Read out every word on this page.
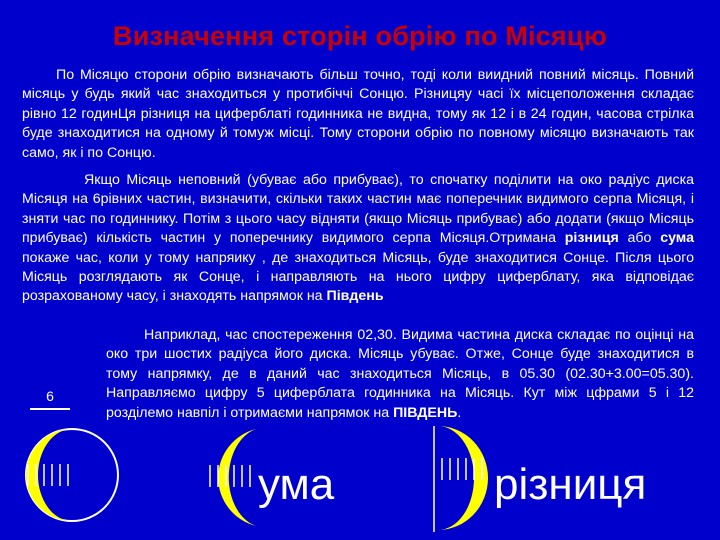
Визначення сторін обрію по Місяцю

По Місяцю сторони обрію визначають більш точно, тоді коли виидний повний місяць. Повний місяць у будь який час знаходиться у протибіччі Сонцю. Різницяу часі їх місцеположення складає рівно 12 годинЦя різниця на циферблаті годинника не видна, тому як 12 і в 24 годин, часова стрілка буде знаходитися на одному й томуж місці. Тому сторони обрію по повному місяцю визначають так само, як і по Сонцю.

Якщо Місяць неповний (убуває або прибуває), то спочатку поділити на око радіус диска Місяця на 6рівних частин, визначити, скільки таких частин має поперечник видимого серпа Місяця, і зняти час по годиннику. Потім з цього часу відняти (якщо Місяць прибуває) або додати (якщо Місяць прибуває) кількість частин у поперечнику видимого серпа Місяця.Отримана різниця або сума покаже час, коли у тому напряику , де знаходиться Місяць, буде знаходитися Сонце. Після цього Місяць розглядають як Сонце, і направляють на нього цифру циферблату, яка відповідає розрахованому часу, і знаходять напрямок на Південь

Наприклад, час спостереження 02,30. Видима частина диска складає по оцінці на око три шостих радіуса його диска. Місяць убуває. Отже, Сонце буде знаходитися в тому напрямку, де в даний час знаходиться Місяць, в 05.30 (02.30+3.00=05.30). Направляємо цифру 5 циферблата годинника на Місяць. Кут між цфрами 5 і 12 розділемо навпіл і отримаєми напрямок на ПІВДЕНЬ.

6
ума	різниця
